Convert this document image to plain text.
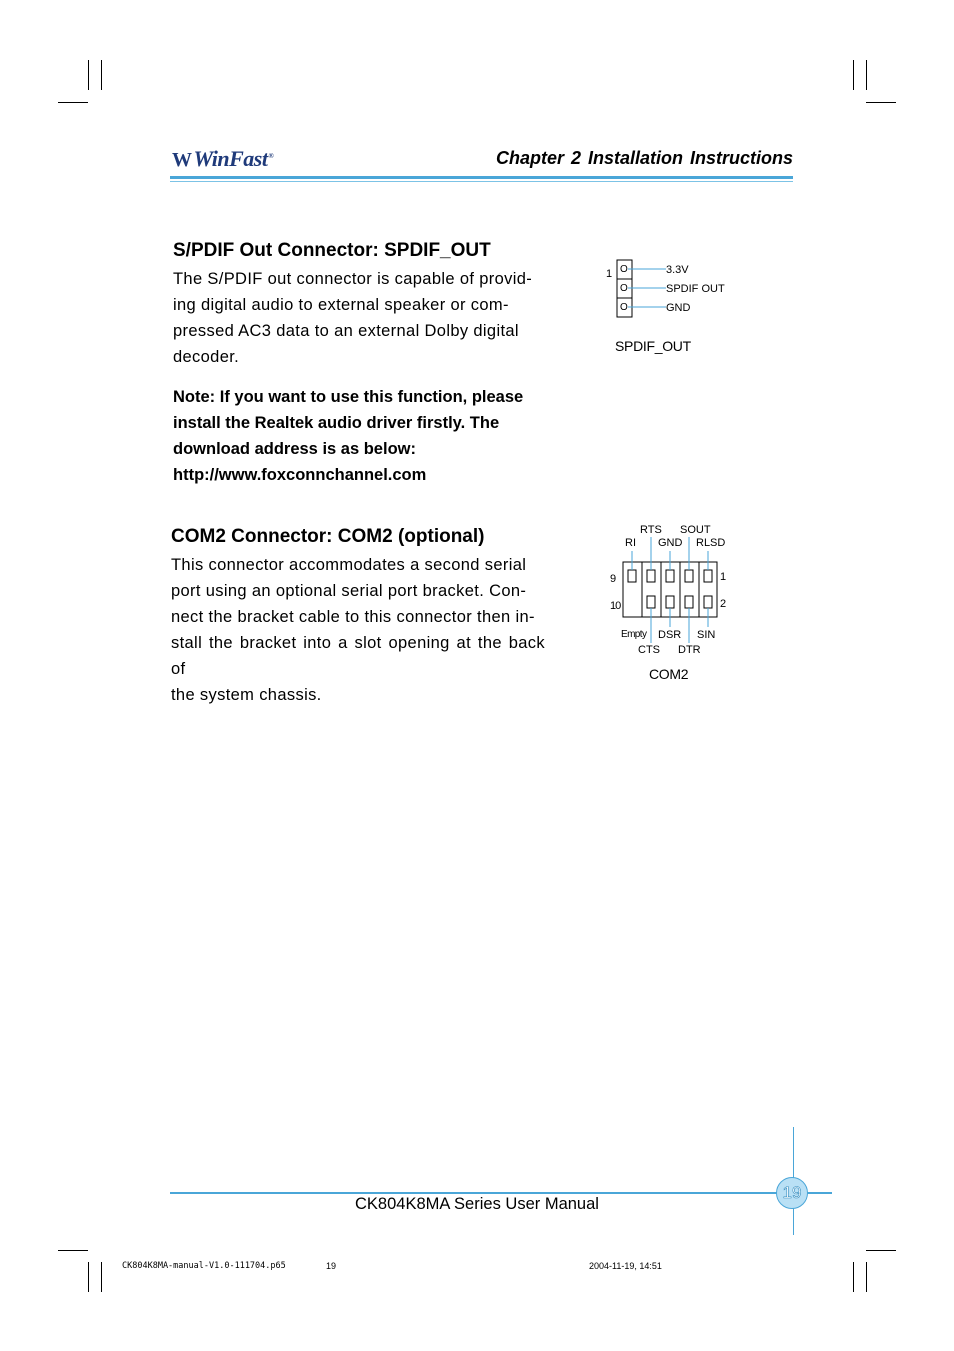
WWinFast®	Chapter 2 Installation Instructions
S/PDIF Out Connector: SPDIF_OUT

The S/PDIF out connector is capable of provid-

ing digital audio to external speaker or com-

pressed AC3 data to an external Dolby digital

decoder.

Note: If you want to use this function, please

install the Realtek audio driver firstly. The

download address is as below:

http://www.foxconnchannel.com
1 O
O
O
3.3V
SPDIF OUT
GND
SPDIF_OUT
COM2 Connector: COM2 (optional)

This connector accommodates a second serial

port using an optional serial port bracket. Con-

nect the bracket cable to this connector then in-

stall the bracket into a slot opening at the back of

the system chassis.

RTS SOUT
RI GND RLSD
9
10
1
2
Empty DSR SIN
CTS DTR
COM2
19
CK804K8MA Series User Manual
CK804K8MA-manual-V1.0-111704.p65	19	2004-11-19, 14:51
